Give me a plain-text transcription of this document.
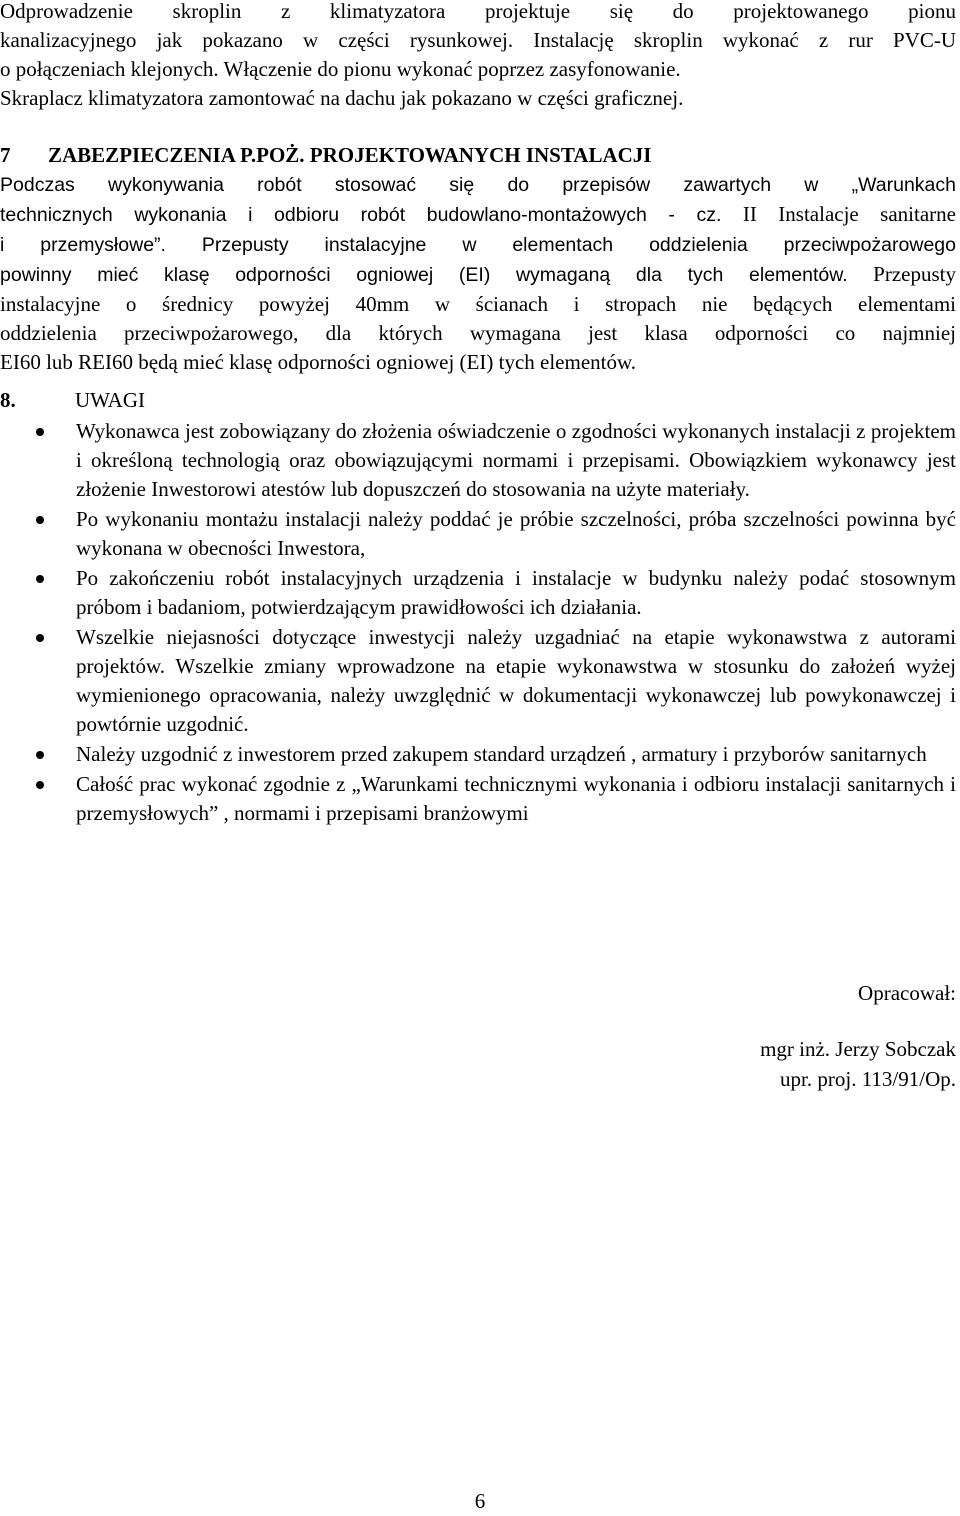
Odprowadzenie skroplin z klimatyzatora projektuje się do projektowanego pionu
kanalizacyjnego jak pokazano w części rysunkowej. Instalację skroplin wykonać z rur PVC-U
o połączeniach klejonych. Włączenie do pionu wykonać poprzez zasyfonowanie.
Skraplacz klimatyzatora zamontować na dachu jak pokazano w części graficznej.
7 ZABEZPIECZENIA P.POŻ. PROJEKTOWANYCH INSTALACJI
Podczas wykonywania robót stosować się do przepisów zawartych w „Warunkach
technicznych wykonania i odbioru robót budowlano-montażowych - cz. II Instalacje sanitarne
i przemysłowe”. Przepusty instalacyjne w elementach oddzielenia przeciwpożarowego
powinny mieć klasę odporności ogniowej (EI) wymaganą dla tych elementów. Przepusty
instalacyjne o średnicy powyżej 40mm w ścianach i stropach nie będących elementami
oddzielenia przeciwpożarowego, dla których wymagana jest klasa odporności co najmniej
EI60 lub REI60 będą mieć klasę odporności ogniowej (EI) tych elementów.
8.	UWAGI
Wykonawca jest zobowiązany do złożenia oświadczenie o zgodności wykonanych instalacji z projektem i określoną technologią oraz obowiązującymi normami i przepisami. Obowiązkiem wykonawcy jest złożenie Inwestorowi atestów lub dopuszczeń do stosowania na użyte materiały.
Po wykonaniu montażu instalacji należy poddać je próbie szczelności, próba szczelności powinna być wykonana w obecności Inwestora,
Po zakończeniu robót instalacyjnych urządzenia i instalacje w budynku należy podać stosownym próbom i badaniom, potwierdzającym prawidłowości ich działania.
Wszelkie niejasności dotyczące inwestycji należy uzgadniać na etapie wykonawstwa z autorami projektów. Wszelkie zmiany wprowadzone na etapie wykonawstwa w stosunku do założeń wyżej wymienionego opracowania, należy uwzględnić w dokumentacji wykonawczej lub powykonawczej i powtórnie uzgodnić.
Należy uzgodnić z inwestorem przed zakupem standard urządzeń , armatury i przyborów sanitarnych
Całość prac wykonać zgodnie z „Warunkami technicznymi wykonania i odbioru instalacji sanitarnych i przemysłowych” , normami i przepisami branżowymi

Opracował:

mgr inż. Jerzy Sobczak

upr. proj. 113/91/Op.

6
